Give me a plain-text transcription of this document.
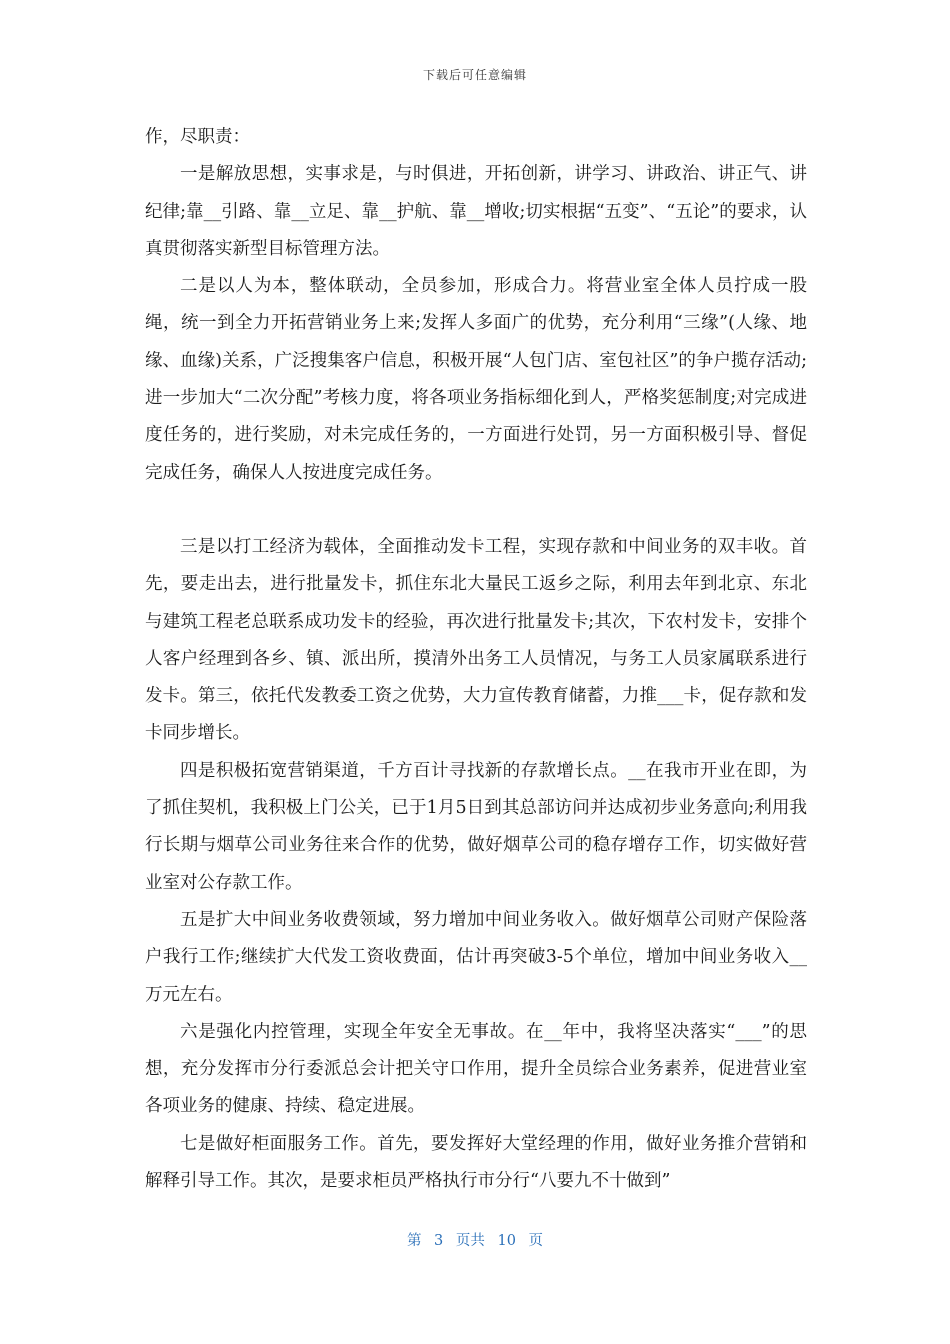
下载后可任意编辑

作，尽职责：

一是解放思想，实事求是，与时俱进，开拓创新，讲学习、讲政治、讲正气、讲纪律;靠__引路、靠__立足、靠__护航、靠__增收;切实根据“五变”、“五论”的要求，认真贯彻落实新型目标管理方法。

二是以人为本，整体联动，全员参加，形成合力。将营业室全体人员拧成一股绳，统一到全力开拓营销业务上来;发挥人多面广的优势，充分利用“三缘”(人缘、地缘、血缘)关系，广泛搜集客户信息，积极开展“人包门店、室包社区”的争户揽存活动;进一步加大“二次分配”考核力度，将各项业务指标细化到人，严格奖惩制度;对完成进度任务的，进行奖励，对未完成任务的，一方面进行处罚，另一方面积极引导、督促完成任务，确保人人按进度完成任务。

三是以打工经济为载体，全面推动发卡工程，实现存款和中间业务的双丰收。首先，要走出去，进行批量发卡，抓住东北大量民工返乡之际，利用去年到北京、东北与建筑工程老总联系成功发卡的经验，再次进行批量发卡;其次，下农村发卡，安排个人客户经理到各乡、镇、派出所，摸清外出务工人员情况，与务工人员家属联系进行发卡。第三，依托代发教委工资之优势，大力宣传教育储蓄，力推___卡，促存款和发卡同步增长。

四是积极拓宽营销渠道，千方百计寻找新的存款增长点。__在我市开业在即，为了抓住契机，我积极上门公关，已于1月5日到其总部访问并达成初步业务意向;利用我行长期与烟草公司业务往来合作的优势，做好烟草公司的稳存增存工作，切实做好营业室对公存款工作。

五是扩大中间业务收费领域，努力增加中间业务收入。做好烟草公司财产保险落户我行工作;继续扩大代发工资收费面，估计再突破3-5个单位，增加中间业务收入__万元左右。

六是强化内控管理，实现全年安全无事故。在__年中，我将坚决落实“___”的思想，充分发挥市分行委派总会计把关守口作用，提升全员综合业务素养，促进营业室各项业务的健康、持续、稳定进展。

七是做好柜面服务工作。首先，要发挥好大堂经理的作用，做好业务推介营销和解释引导工作。其次，是要求柜员严格执行市分行“八要九不十做到”

第 3 页共 10 页
